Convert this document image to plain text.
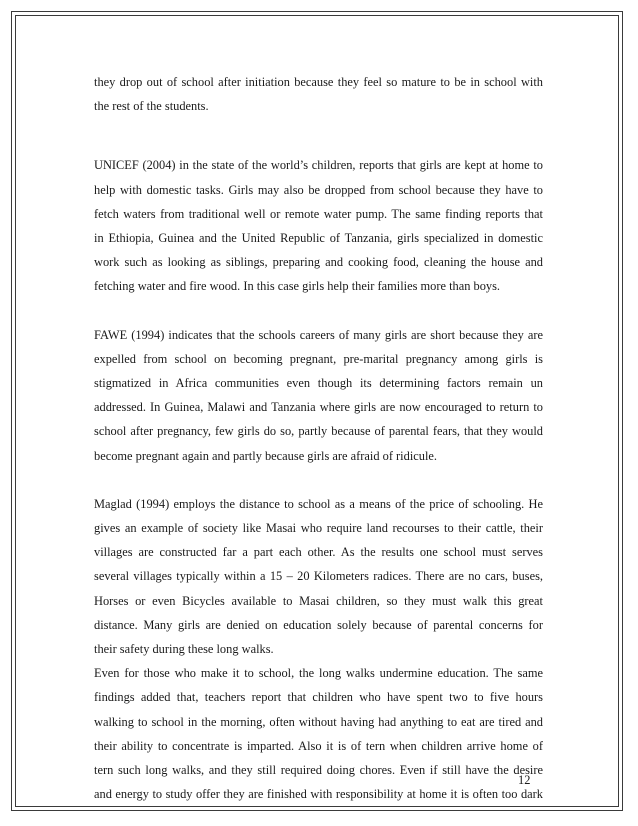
they drop out of school after initiation because they feel so mature to be in school with
the rest of the students.

UNICEF (2004) in the state of the world’s children, reports that girls are kept at home to
help with domestic tasks. Girls may also be dropped from school because they have to
fetch waters from traditional well or remote water pump. The same finding reports that
in Ethiopia, Guinea and the United Republic of Tanzania, girls specialized in domestic
work such as looking as siblings, preparing and cooking food, cleaning the house and
fetching water and fire wood. In this case girls help their families more than boys.

FAWE (1994) indicates that the schools careers of many girls are short because they are
expelled from school on becoming pregnant, pre-marital pregnancy among girls is
stigmatized in Africa communities even though its determining factors remain un
addressed. In Guinea, Malawi and Tanzania where girls are now encouraged to return to
school after pregnancy, few girls do so, partly because of parental fears, that they would
become pregnant again and partly because girls are afraid of ridicule.

Maglad (1994) employs the distance to school as a means of the price of schooling. He
gives an example of society like Masai who require land recourses to their cattle, their
villages are constructed far a part each other. As the results one school must serves
several villages typically within a 15 – 20 Kilometers radices. There are no cars, buses,
Horses or even Bicycles available to Masai children, so they must walk this great
distance. Many girls are denied on education solely because of parental concerns for
their safety during these long walks.

Even for those who make it to school, the long walks undermine education. The same
findings added that, teachers report that children who have spent two to five hours
walking to school in the morning, often without having had anything to eat are tired and
their ability to concentrate is imparted. Also it is of tern when children arrive home of
tern such long walks, and they still required doing chores. Even if still have the desire
and energy to study offer they are finished with responsibility at home it is often too dark

12
